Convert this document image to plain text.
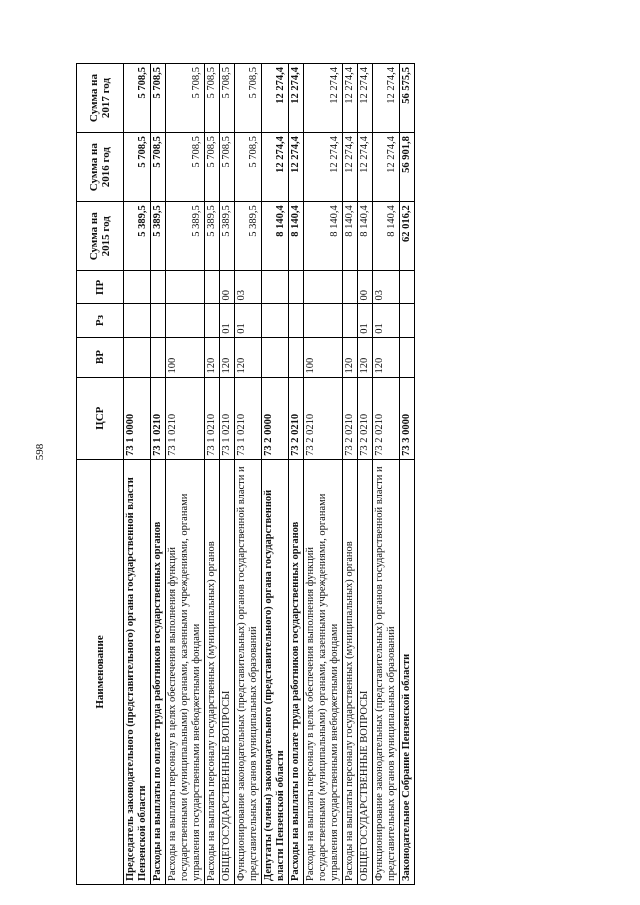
598
Наименование	ЦСР	ВР	Рз	ПР	Сумма на 2015 год	Сумма на 2016 год	Сумма на 2017 год
Председатель законодательного (представительного) органа государственной власти Пензенской области	73 1 0000				5 389,5	5 708,5	5 708,5
Расходы на выплаты по оплате труда работников государственных органов	73 1 0210				5 389,5	5 708,5	5 708,5
Расходы на выплаты персоналу в целях обеспечения выполнения функций государственными (муниципальными) органами, казенными учреждениями, органами управления государственными внебюджетными фондами	73 1 0210	100			5 389,5	5 708,5	5 708,5
Расходы на выплаты персоналу государственных (муниципальных) органов	73 1 0210	120			5 389,5	5 708,5	5 708,5
ОБЩЕГОСУДАРСТВЕННЫЕ ВОПРОСЫ	73 1 0210	120	01	00	5 389,5	5 708,5	5 708,5
Функционирование законодательных (представительных) органов государственной власти и представительных органов муниципальных образований	73 1 0210	120	01	03	5 389,5	5 708,5	5 708,5
Депутаты (члены) законодательного (представительного) органа государственной власти Пензенской области	73 2 0000				8 140,4	12 274,4	12 274,4
Расходы на выплаты по оплате труда работников государственных органов	73 2 0210				8 140,4	12 274,4	12 274,4
Расходы на выплаты персоналу в целях обеспечения выполнения функций государственными (муниципальными) органами, казенными учреждениями, органами управления государственными внебюджетными фондами	73 2 0210	100			8 140,4	12 274,4	12 274,4
Расходы на выплаты персоналу государственных (муниципальных) органов	73 2 0210	120			8 140,4	12 274,4	12 274,4
ОБЩЕГОСУДАРСТВЕННЫЕ ВОПРОСЫ	73 2 0210	120	01	00	8 140,4	12 274,4	12 274,4
Функционирование законодательных (представительных) органов государственной власти и представительных органов муниципальных образований	73 2 0210	120	01	03	8 140,4	12 274,4	12 274,4
Законодательное Собрание Пензенской области	73 3 0000				62 016,2	56 901,8	56 575,5
